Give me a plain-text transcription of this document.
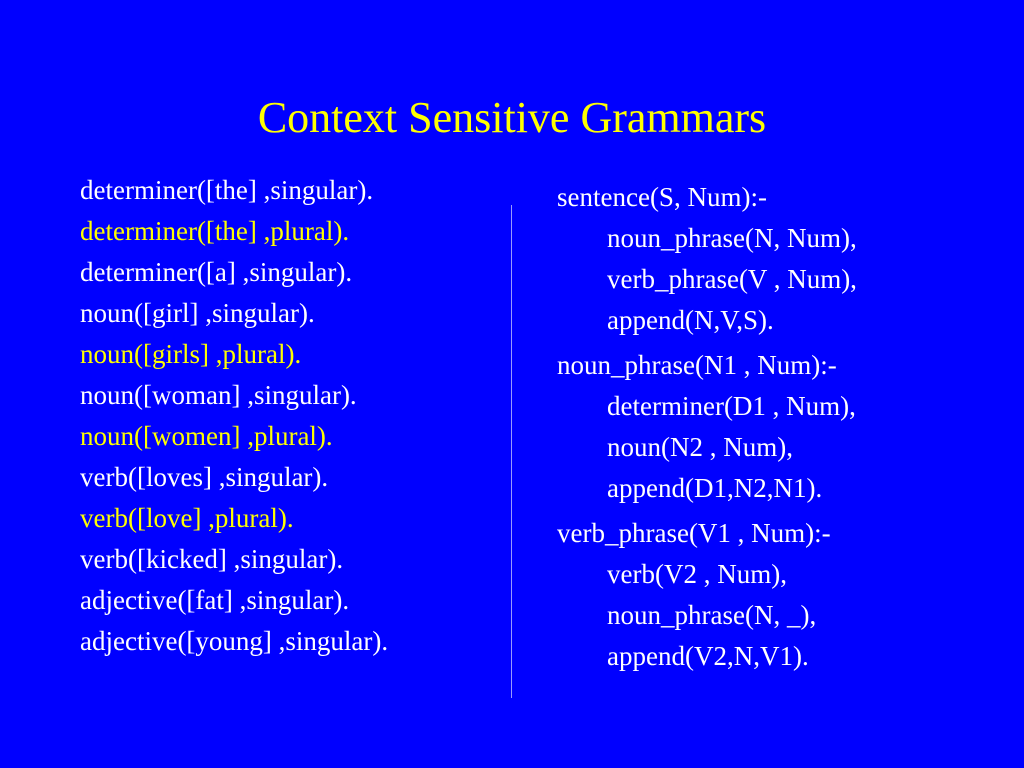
Context Sensitive Grammars
determiner([the] ,singular).
determiner([the] ,plural).
determiner([a] ,singular).
noun([girl] ,singular).
noun([girls] ,plural).
noun([woman] ,singular).
noun([women] ,plural).
verb([loves] ,singular).
verb([love] ,plural).
verb([kicked] ,singular).
adjective([fat] ,singular).
adjective([young] ,singular).
sentence(S, Num):-
noun_phrase(N, Num),
verb_phrase(V , Num),
append(N,V,S).
noun_phrase(N1 , Num):-
determiner(D1 , Num),
noun(N2 , Num),
append(D1,N2,N1).
verb_phrase(V1 , Num):-
verb(V2 , Num),
noun_phrase(N, _),
append(V2,N,V1).
